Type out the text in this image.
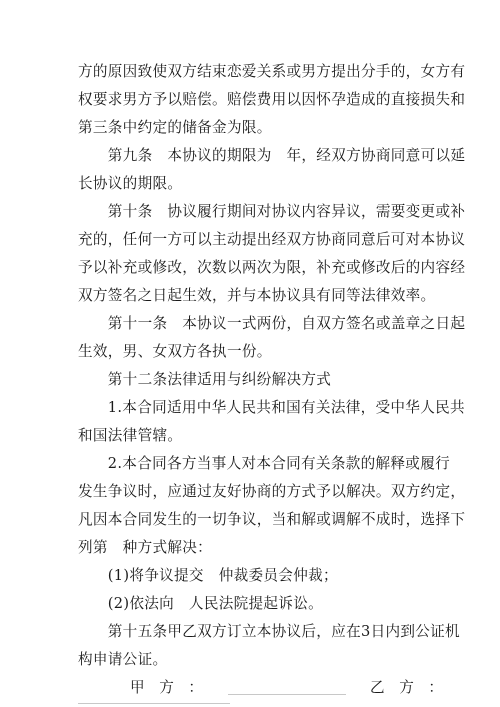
方的原因致使双方结束恋爱关系或男方提出分手的，女方有
权要求男方予以赔偿。赔偿费用以因怀孕造成的直接损失和
第三条中约定的储备金为限。
　　第九条　本协议的期限为　年，经双方协商同意可以延
长协议的期限。
　　第十条　协议履行期间对协议内容异议，需要变更或补
充的，任何一方可以主动提出经双方协商同意后可对本协议
予以补充或修改，次数以两次为限，补充或修改后的内容经
双方签名之日起生效，并与本协议具有同等法律效率。
　　第十一条　本协议一式两份，自双方签名或盖章之日起
生效，男、女双方各执一份。
　　第十二条法律适用与纠纷解决方式
　　1.本合同适用中华人民共和国有关法律，受中华人民共
和国法律管辖。
　　2.本合同各方当事人对本合同有关条款的解释或履行
发生争议时，应通过友好协商的方式予以解决。双方约定，
凡因本合同发生的一切争议，当和解或调解不成时，选择下
列第　种方式解决：
　　(1)将争议提交　仲裁委员会仲裁；
　　(2)依法向　人民法院提起诉讼。
　　第十五条甲乙双方订立本协议后，应在3日内到公证机
构申请公证。
甲　方　：	乙　方　：
